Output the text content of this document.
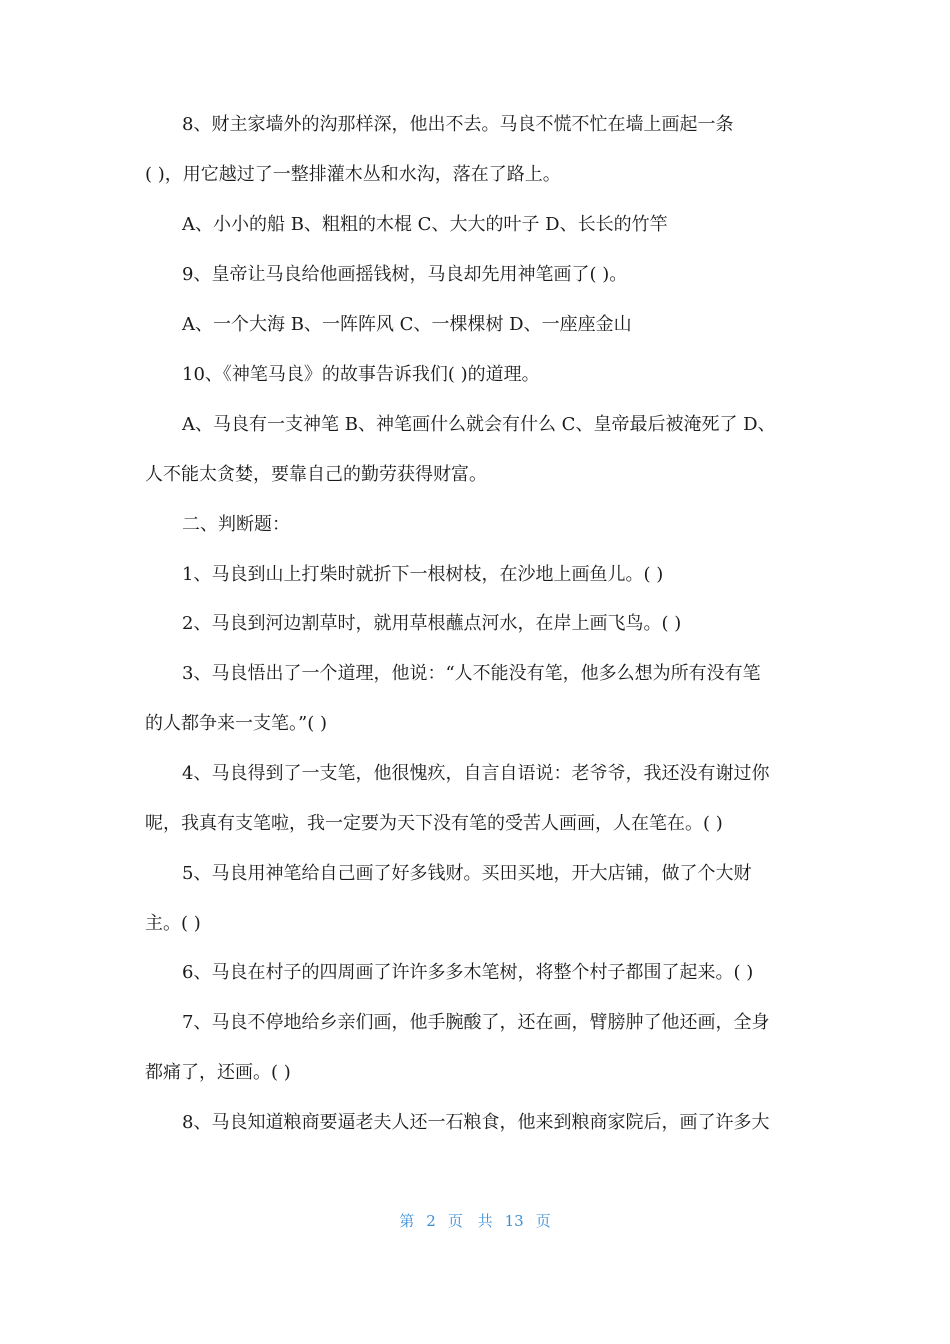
8、财主家墙外的沟那样深，他出不去。马良不慌不忙在墙上画起一条
( )，用它越过了一整排灌木丛和水沟，落在了路上。
A、小小的船 B、粗粗的木棍 C、大大的叶子 D、长长的竹竿
9、皇帝让马良给他画摇钱树，马良却先用神笔画了( )。
A、一个大海 B、一阵阵风 C、一棵棵树 D、一座座金山
10、《神笔马良》的故事告诉我们( )的道理。
A、马良有一支神笔 B、神笔画什么就会有什么 C、皇帝最后被淹死了 D、
人不能太贪婪，要靠自己的勤劳获得财富。
二、判断题：
1、马良到山上打柴时就折下一根树枝，在沙地上画鱼儿。( )
2、马良到河边割草时，就用草根蘸点河水，在岸上画飞鸟。( )
3、马良悟出了一个道理，他说：“人不能没有笔，他多么想为所有没有笔
的人都争来一支笔。”( )
4、马良得到了一支笔，他很愧疚，自言自语说：老爷爷，我还没有谢过你
呢，我真有支笔啦，我一定要为天下没有笔的受苦人画画，人在笔在。( )
5、马良用神笔给自己画了好多钱财。买田买地，开大店铺，做了个大财
主。( )
6、马良在村子的四周画了许许多多木笔树，将整个村子都围了起来。( )
7、马良不停地给乡亲们画，他手腕酸了，还在画，臂膀肿了他还画，全身
都痛了，还画。( )
8、马良知道粮商要逼老夫人还一石粮食，他来到粮商家院后，画了许多大
第 2 页 共 13 页
